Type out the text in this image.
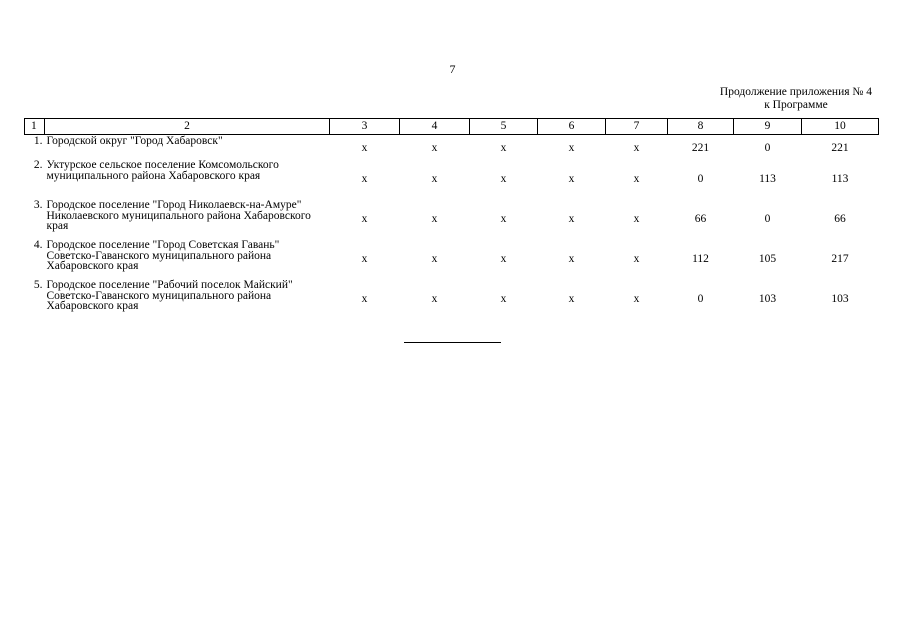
7
Продолжение приложения № 4
к Программе
1	2	3	4	5	6	7	8	9	10
1.	Городской округ "Город Хабаровск"	x	x	x	x	x	221	0	221
2.	Уктурское сельское поселение Комсомольского муниципального района Хабаровского края	x	x	x	x	x	0	113	113
3.	Городское поселение "Город Николаевск-на-Амуре" Николаевского муниципального района Хабаровского края	x	x	x	x	x	66	0	66
4.	Городское поселение "Город Советская Гавань" Советско-Гаванского муниципального района Хабаровского края	x	x	x	x	x	112	105	217
5.	Городское поселение "Рабочий поселок Майский" Советско-Гаванского муниципального района Хабаровского края	x	x	x	x	x	0	103	103
